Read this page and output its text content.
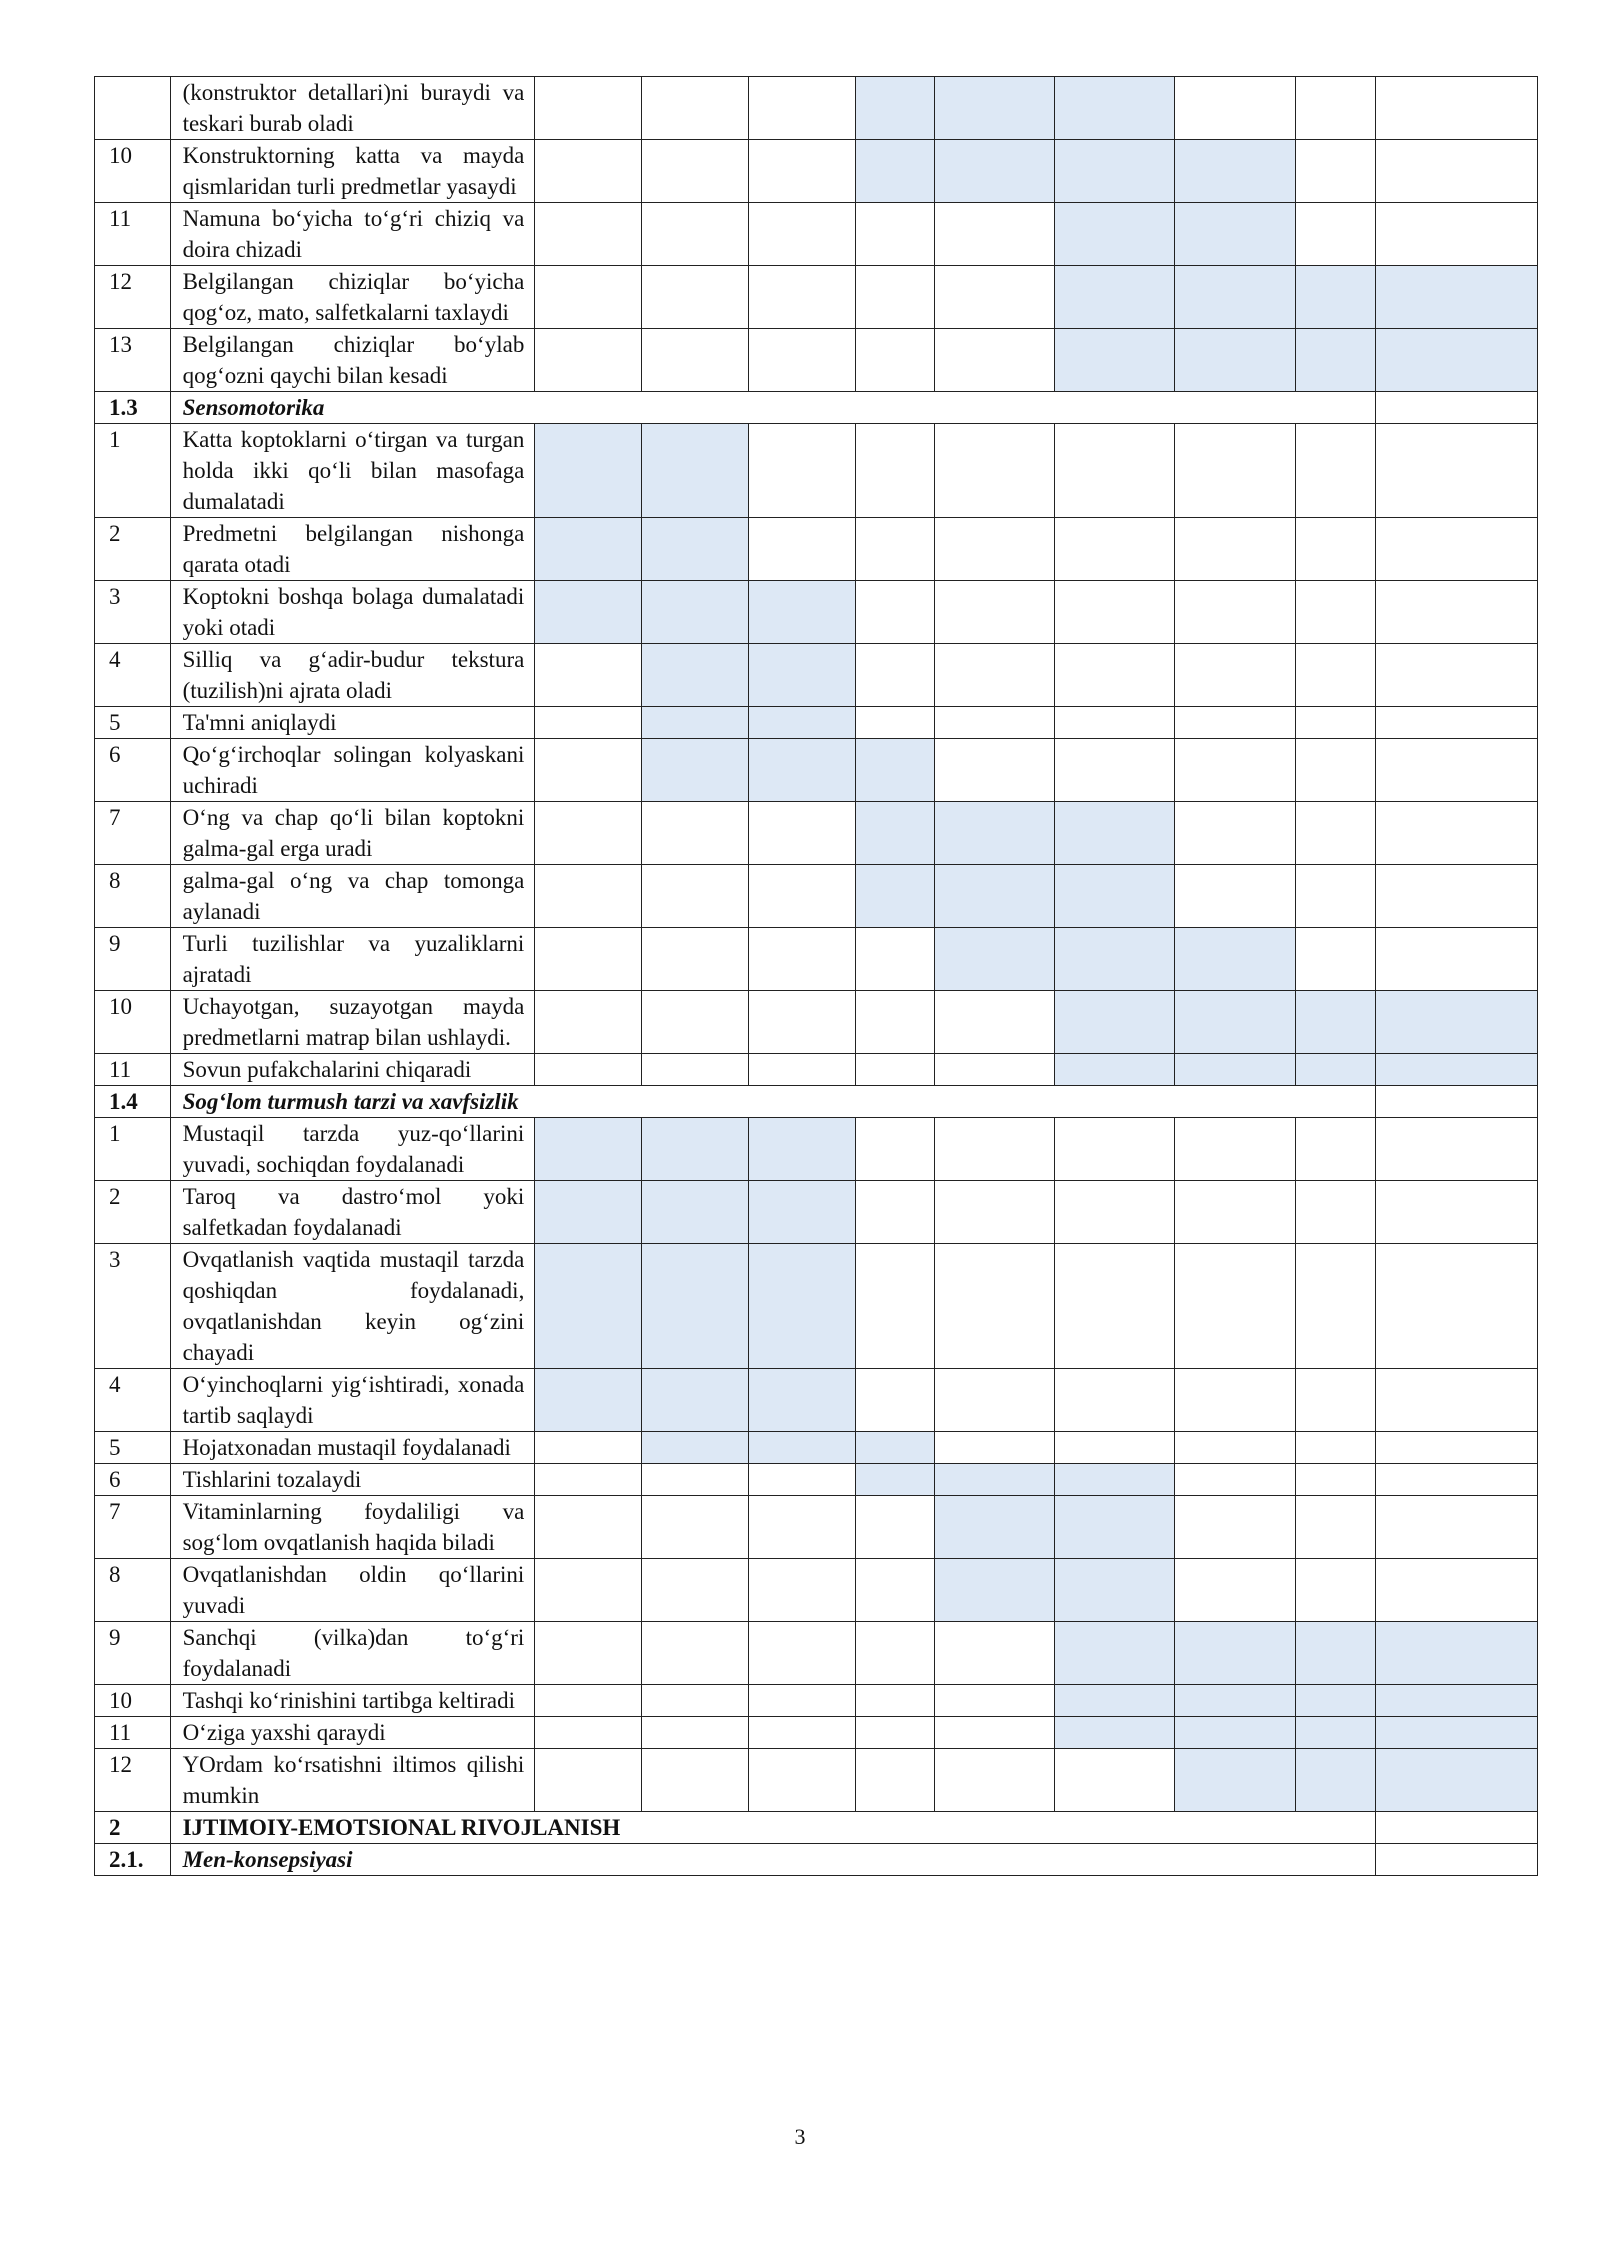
	(konstruktor detallari)ni buraydi va teskari burab oladi									
10	Konstruktorning katta va mayda qismlaridan turli predmetlar yasaydi									
11	Namuna bo‘yicha to‘g‘ri chiziq va doira chizadi									
12	Belgilangan chiziqlar bo‘yicha qog‘oz, mato, salfetkalarni taxlaydi									
13	Belgilangan chiziqlar bo‘ylab qog‘ozni qaychi bilan kesadi									
1.3	Sensomotorika									
1	Katta koptoklarni o‘tirgan va turgan holda ikki qo‘li bilan masofaga dumalatadi									
2	Predmetni belgilangan nishonga qarata otadi									
3	Koptokni boshqa bolaga dumalatadi yoki otadi									
4	Silliq va g‘adir-budur tekstura (tuzilish)ni ajrata oladi									
5	Ta'mni aniqlaydi									
6	Qo‘g‘irchoqlar solingan kolyaskani uchiradi									
7	O‘ng va chap qo‘li bilan koptokni galma-gal erga uradi									
8	galma-gal o‘ng va chap tomonga aylanadi									
9	Turli tuzilishlar va yuzaliklarni ajratadi									
10	Uchayotgan, suzayotgan mayda predmetlarni matrap bilan ushlaydi.									
11	Sovun pufakchalarini chiqaradi									
1.4	Sog‘lom turmush tarzi va xavfsizlik									
1	Mustaqil tarzda yuz-qo‘llarini yuvadi, sochiqdan foydalanadi									
2	Taroq va dastro‘mol yoki salfetkadan foydalanadi									
3	Ovqatlanish vaqtida mustaqil tarzda qoshiqdan foydalanadi, ovqatlanishdan keyin og‘zini chayadi									
4	O‘yinchoqlarni yig‘ishtiradi, xonada tartib saqlaydi									
5	Hojatxonadan mustaqil foydalanadi									
6	Tishlarini tozalaydi									
7	Vitaminlarning foydaliligi va sog‘lom ovqatlanish haqida biladi									
8	Ovqatlanishdan oldin qo‘llarini yuvadi									
9	Sanchqi (vilka)dan to‘g‘ri foydalanadi									
10	Tashqi ko‘rinishini tartibga keltiradi									
11	O‘ziga yaxshi qaraydi									
12	YOrdam ko‘rsatishni iltimos qilishi mumkin									
2	IJTIMOIY-EMOTSIONAL RIVOJLANISH									
2.1.	Men-konsepsiyasi									
3
